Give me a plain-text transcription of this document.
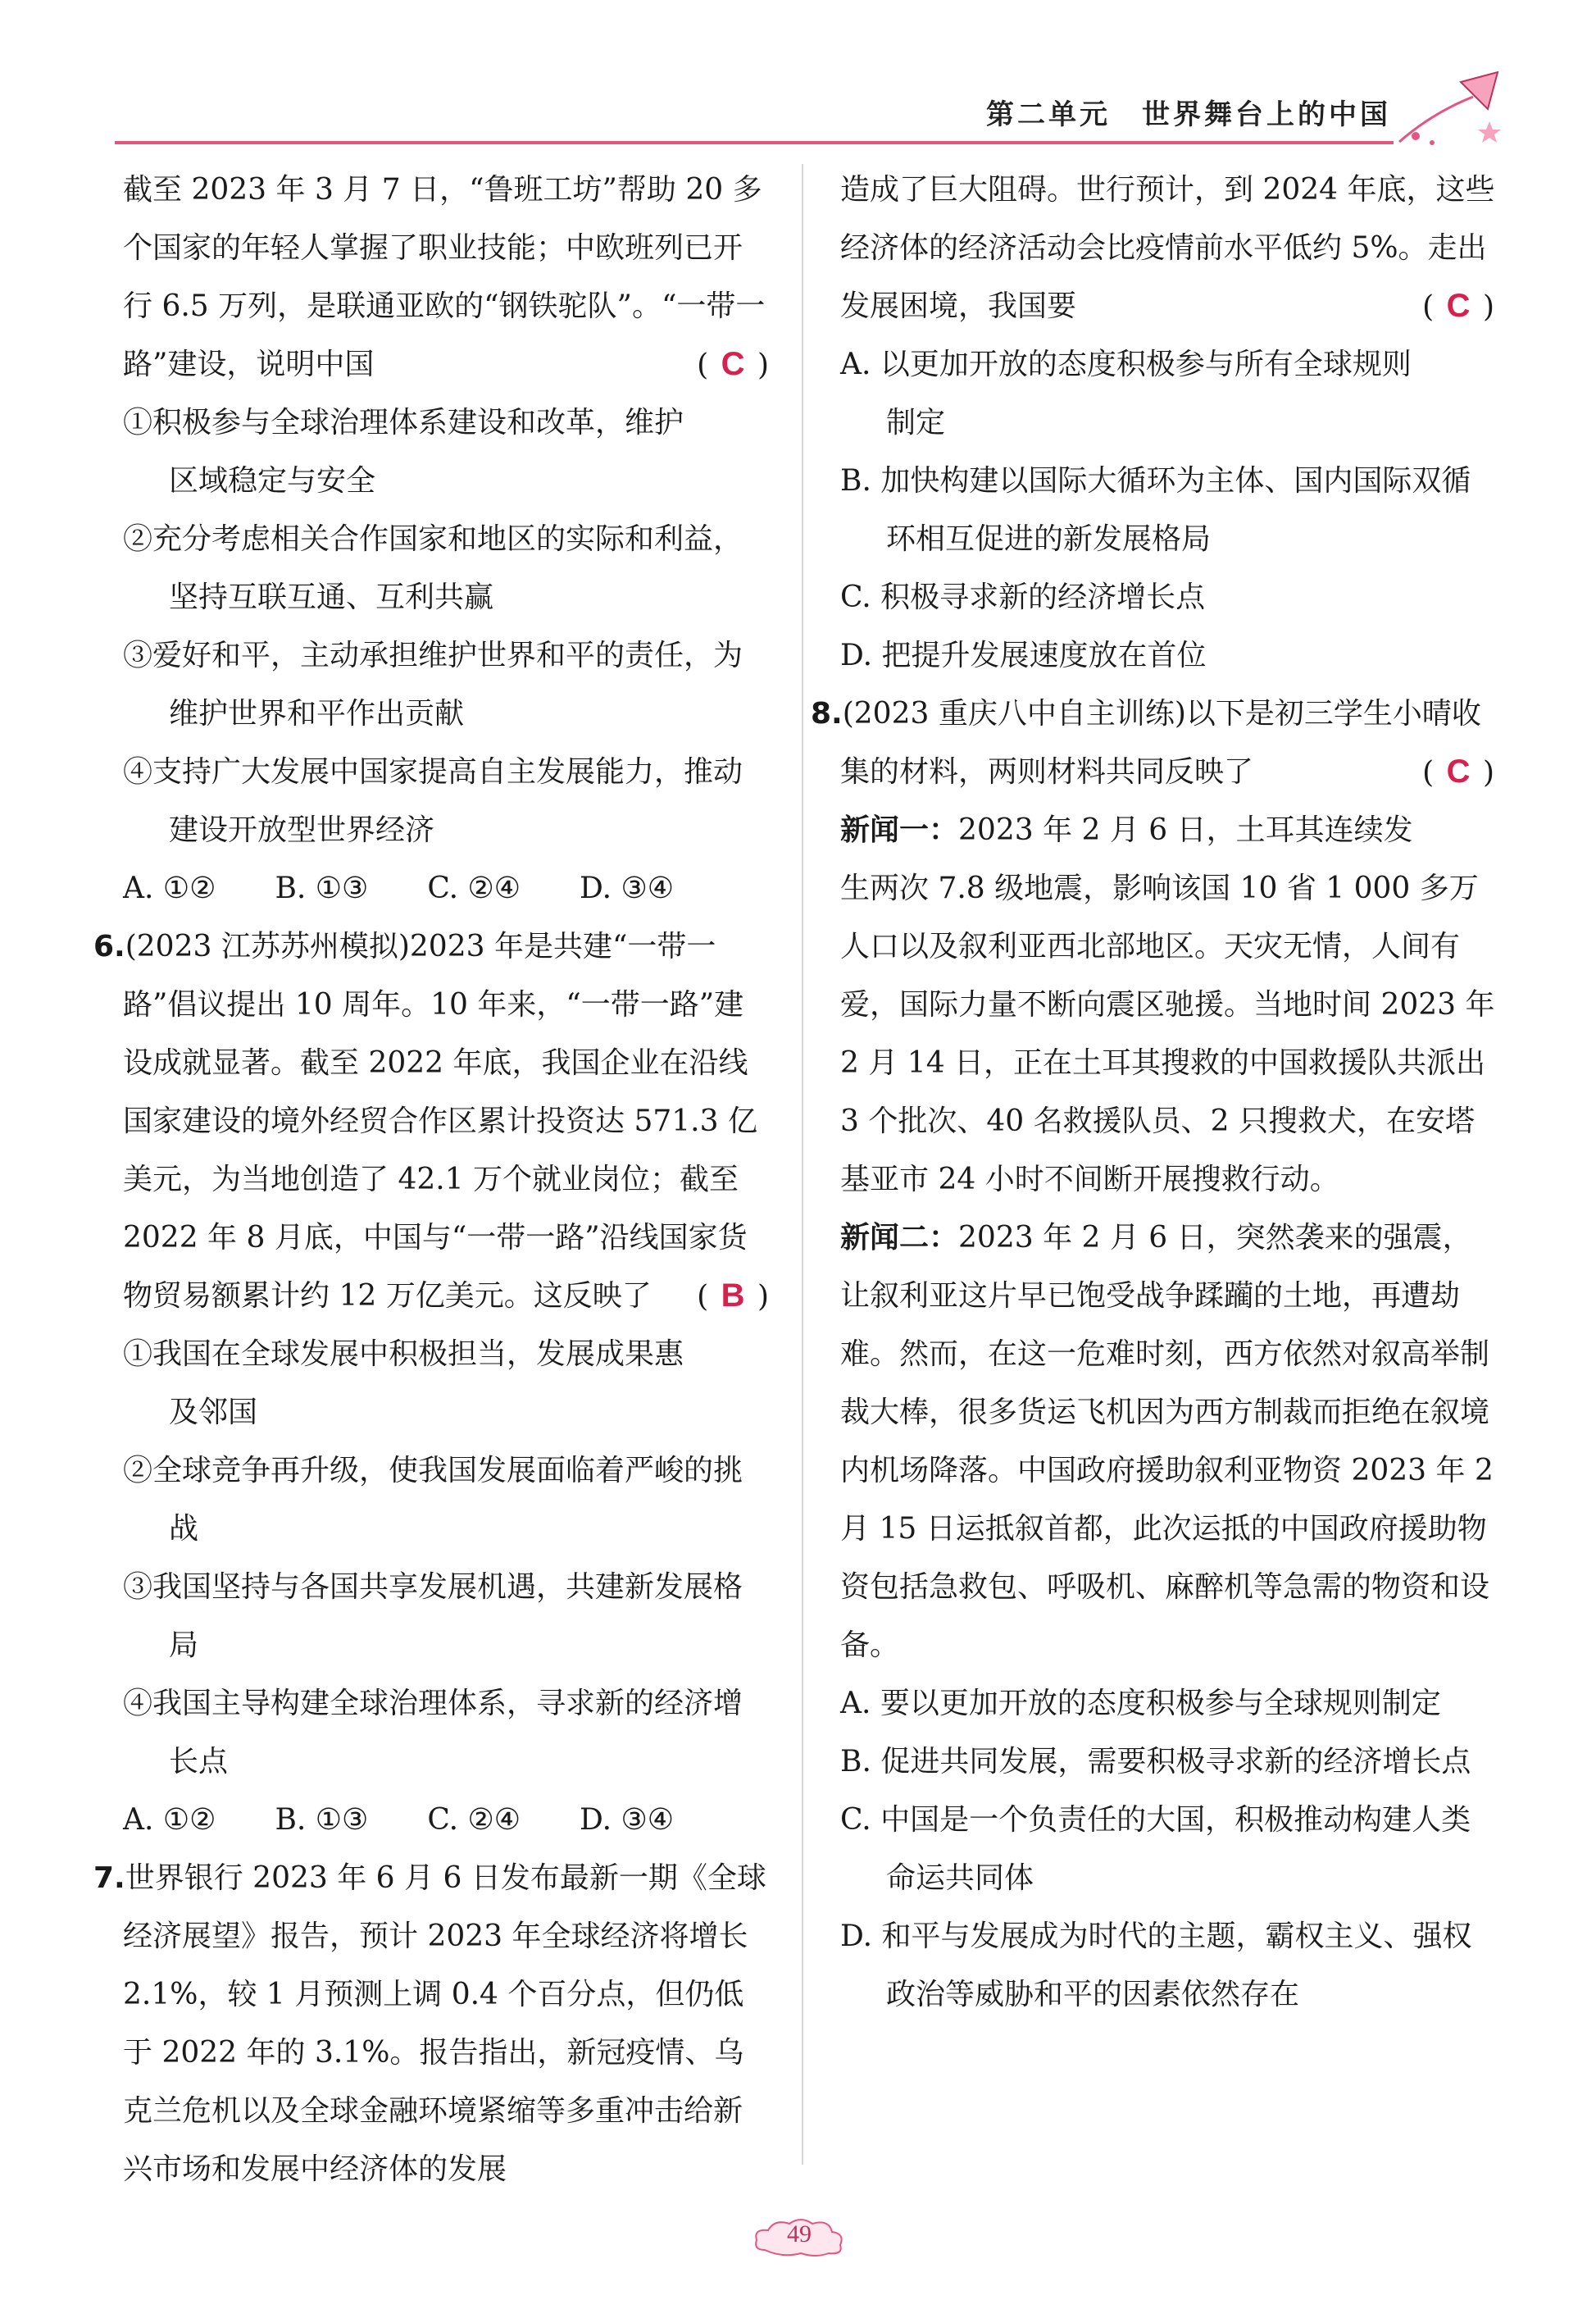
第二单元　世界舞台上的中国

截至 2023 年 3 月 7 日，“鲁班工坊”帮助 20 多个国家的年轻人掌握了职业技能；中欧班列已开行 6.5 万列，是联通亚欧的“钢铁驼队”。“一带一路”建设，说明中国	( C )

①积极参与全球治理体系建设和改革，维护区域稳定与安全

②充分考虑相关合作国家和地区的实际和利益，坚持互联互通、互利共赢

③爱好和平，主动承担维护世界和平的责任，为维护世界和平作出贡献

④支持广大发展中国家提高自主发展能力，推动建设开放型世界经济

A. ①② B. ①③ C. ②④ D. ③④

6.(2023 江苏苏州模拟)2023 年是共建“一带一路”倡议提出 10 周年。10 年来，“一带一路”建设成就显著。截至 2022 年底，我国企业在沿线国家建设的境外经贸合作区累计投资达 571.3 亿美元，为当地创造了 42.1 万个就业岗位；截至 2022 年 8 月底，中国与“一带一路”沿线国家货物贸易额累计约 12 万亿美元。这反映了 ( B )

①我国在全球发展中积极担当，发展成果惠及邻国

②全球竞争再升级，使我国发展面临着严峻的挑战

③我国坚持与各国共享发展机遇，共建新发展格局

④我国主导构建全球治理体系，寻求新的经济增长点

A. ①② B. ①③ C. ②④ D. ③④

7.世界银行 2023 年 6 月 6 日发布最新一期《全球经济展望》报告，预计 2023 年全球经济将增长 2.1%，较 1 月预测上调 0.4 个百分点，但仍低于 2022 年的 3.1%。报告指出，新冠疫情、乌克兰危机以及全球金融环境紧缩等多重冲击给新兴市场和发展中经济体的发展

造成了巨大阻碍。世行预计，到 2024 年底，这些经济体的经济活动会比疫情前水平低约 5%。走出发展困境，我国要	( C )

A. 以更加开放的态度积极参与所有全球规则制定

B. 加快构建以国际大循环为主体、国内国际双循环相互促进的新发展格局

C. 积极寻求新的经济增长点

D. 把提升发展速度放在首位

8.(2023 重庆八中自主训练)以下是初三学生小晴收集的材料，两则材料共同反映了	( C )

新闻一：2023 年 2 月 6 日，土耳其连续发生两次 7.8 级地震，影响该国 10 省 1 000 多万人口以及叙利亚西北部地区。天灾无情，人间有爱，国际力量不断向震区驰援。当地时间 2023 年 2 月 14 日，正在土耳其搜救的中国救援队共派出 3 个批次、40 名救援队员、2 只搜救犬，在安塔基亚市 24 小时不间断开展搜救行动。

新闻二：2023 年 2 月 6 日，突然袭来的强震，让叙利亚这片早已饱受战争蹂躏的土地，再遭劫难。然而，在这一危难时刻，西方依然对叙高举制裁大棒，很多货运飞机因为西方制裁而拒绝在叙境内机场降落。中国政府援助叙利亚物资 2023 年 2 月 15 日运抵叙首都，此次运抵的中国政府援助物资包括急救包、呼吸机、麻醉机等急需的物资和设备。

A. 要以更加开放的态度积极参与全球规则制定

B. 促进共同发展，需要积极寻求新的经济增长点

C. 中国是一个负责任的大国，积极推动构建人类命运共同体

D. 和平与发展成为时代的主题，霸权主义、强权政治等威胁和平的因素依然存在

49
